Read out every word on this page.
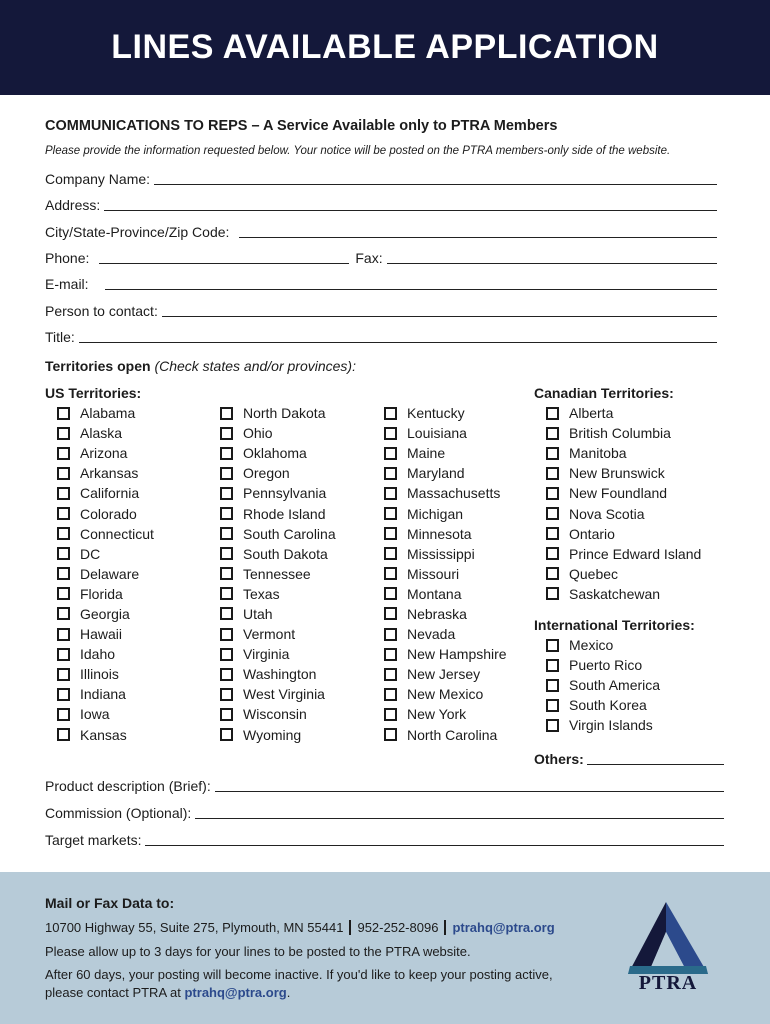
LINES AVAILABLE APPLICATION
COMMUNICATIONS TO REPS – A Service Available only to PTRA Members
Please provide the information requested below. Your notice will be posted on the PTRA members-only side of the website.
Company Name:
Address:
City/State-Province/Zip Code:
Phone:	Fax:
E-mail:
Person to contact:
Title:
Territories open (Check states and/or provinces):
US Territories:
Alabama
Alaska
Arizona
Arkansas
California
Colorado
Connecticut
DC
Delaware
Florida
Georgia
Hawaii
Idaho
Illinois
Indiana
Iowa
Kansas
North Dakota
Ohio
Oklahoma
Oregon
Pennsylvania
Rhode Island
South Carolina
South Dakota
Tennessee
Texas
Utah
Vermont
Virginia
Washington
West Virginia
Wisconsin
Wyoming
Kentucky
Louisiana
Maine
Maryland
Massachusetts
Michigan
Minnesota
Mississippi
Missouri
Montana
Nebraska
Nevada
New Hampshire
New Jersey
New Mexico
New York
North Carolina
Canadian Territories:
Alberta
British Columbia
Manitoba
New Brunswick
New Foundland
Nova Scotia
Ontario
Prince Edward Island
Quebec
Saskatchewan
International Territories:
Mexico
Puerto Rico
South America
South Korea
Virgin Islands
Others:
Product description (Brief):
Commission (Optional):
Target markets:
Mail or Fax Data to:
10700 Highway 55, Suite 275, Plymouth, MN 55441 952-252-8096 ptrahq@ptra.org
Please allow up to 3 days for your lines to be posted to the PTRA website.
After 60 days, your posting will become inactive. If you'd like to keep your posting active,
please contact PTRA at ptrahq@ptra.org.	PTRA
